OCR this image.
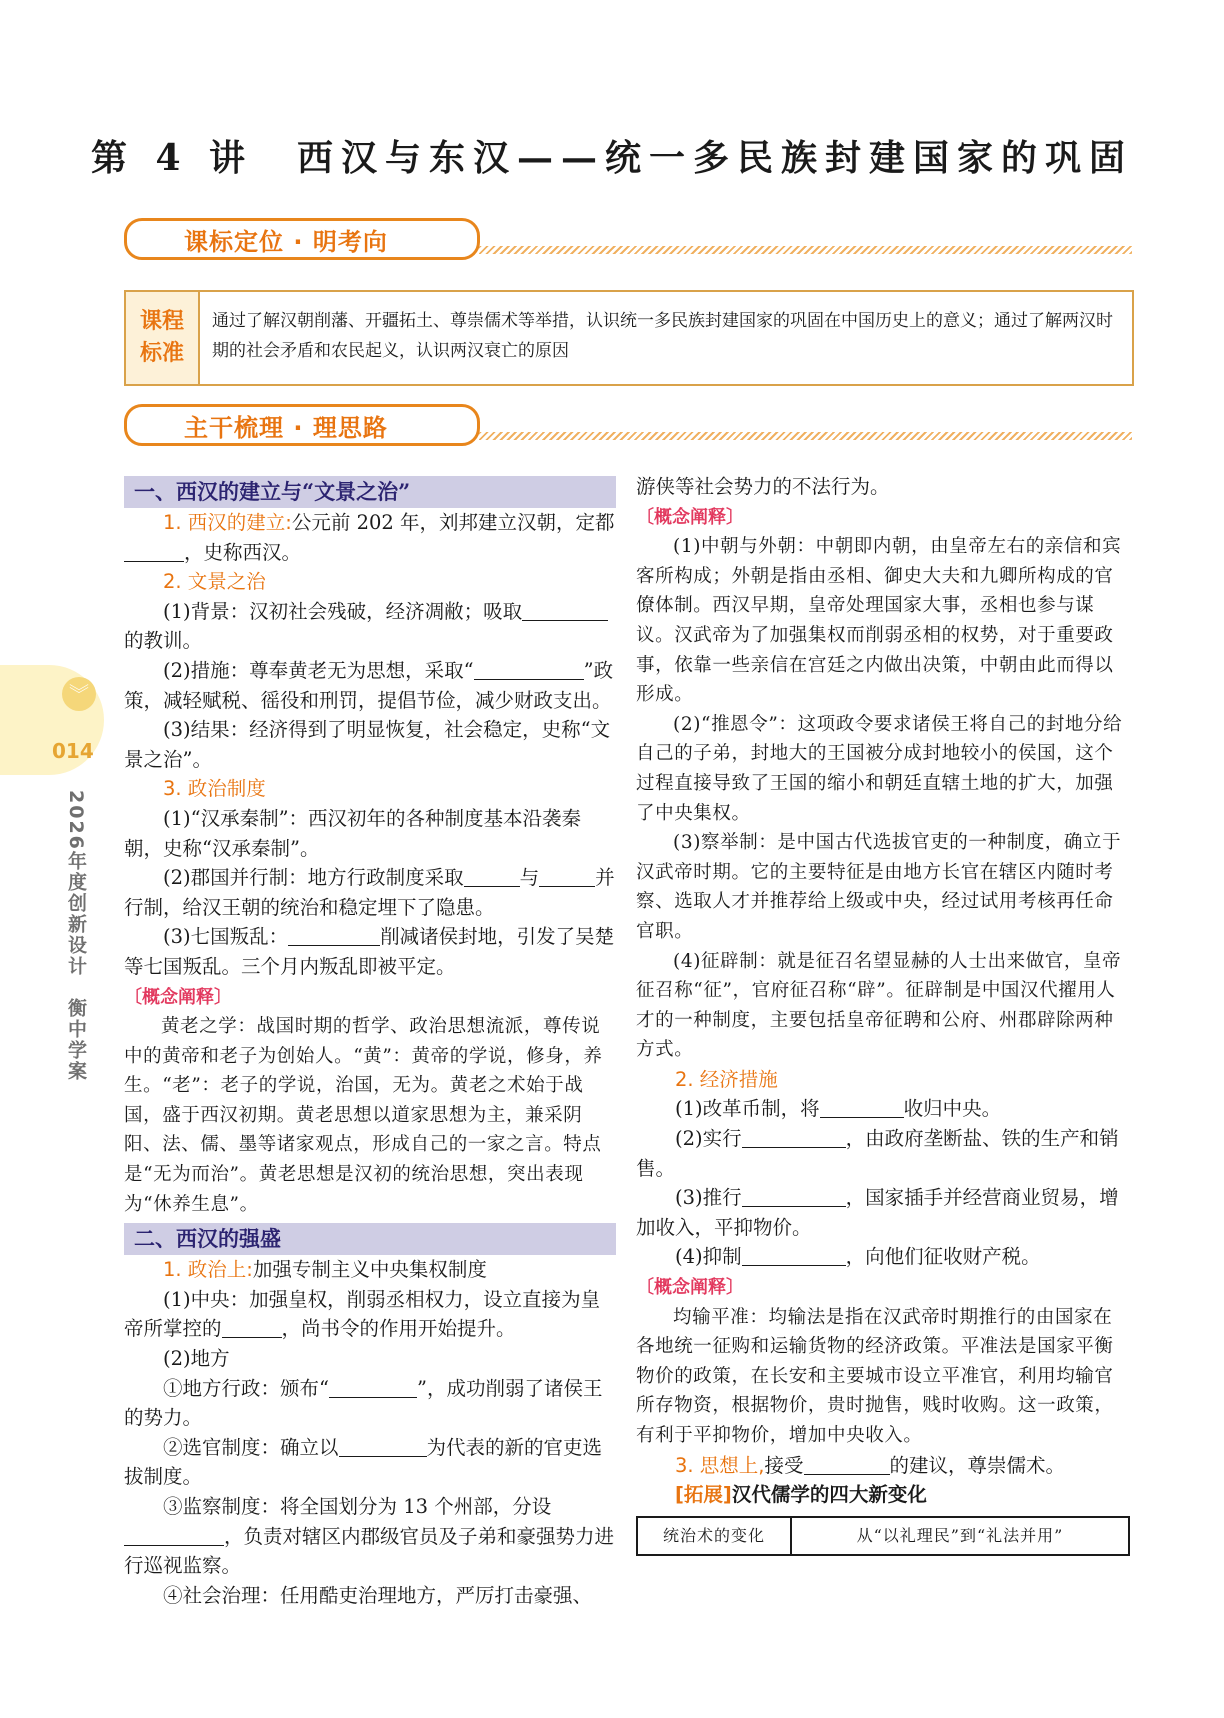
第 4 讲　西汉与东汉——统一多民族封建国家的巩固
课标定位 · 明考向
课程标准
通过了解汉朝削藩、开疆拓土、尊崇儒术等举措，认识统一多民族封建国家的巩固在中国历史上的意义；通过了解两汉时期的社会矛盾和农民起义，认识两汉衰亡的原因
主干梳理 · 理思路
︾
014
2026年度创新设计　衡中学案
一、西汉的建立与“文景之治”

1. 西汉的建立:公元前 202 年，刘邦建立汉朝，定都，史称西汉。

2. 文景之治

(1)背景：汉初社会残破，经济凋敝；吸取的教训。

(2)措施：尊奉黄老无为思想，采取“	”政策，减轻赋税、徭役和刑罚，提倡节俭，减少财政支出。

(3)结果：经济得到了明显恢复，社会稳定，史称“文景之治”。

3. 政治制度

(1)“汉承秦制”：西汉初年的各种制度基本沿袭秦朝，史称“汉承秦制”。

(2)郡国并行制：地方行政制度采取	与	并行制，给汉王朝的统治和稳定埋下了隐患。

(3)七国叛乱：	削减诸侯封地，引发了吴楚等七国叛乱。三个月内叛乱即被平定。

〔概念阐释〕

黄老之学：战国时期的哲学、政治思想流派，尊传说中的黄帝和老子为创始人。“黄”：黄帝的学说，修身，养生。“老”：老子的学说，治国，无为。黄老之术始于战国，盛于西汉初期。黄老思想以道家思想为主，兼采阴阳、法、儒、墨等诸家观点，形成自己的一家之言。特点是“无为而治”。黄老思想是汉初的统治思想，突出表现为“休养生息”。

二、西汉的强盛

1. 政治上:加强专制主义中央集权制度

(1)中央：加强皇权，削弱丞相权力，设立直接为皇帝所掌控的	，尚书令的作用开始提升。

(2)地方

①地方行政：颁布“	”，成功削弱了诸侯王的势力。

②选官制度：确立以	为代表的新的官吏选拔制度。

③监察制度：将全国划分为 13 个州部，分设，负责对辖区内郡级官员及子弟和豪强势力进行巡视监察。

④社会治理：任用酷吏治理地方，严厉打击豪强、

游侠等社会势力的不法行为。

〔概念阐释〕

(1)中朝与外朝：中朝即内朝，由皇帝左右的亲信和宾客所构成；外朝是指由丞相、御史大夫和九卿所构成的官僚体制。西汉早期，皇帝处理国家大事，丞相也参与谋议。汉武帝为了加强集权而削弱丞相的权势，对于重要政事，依靠一些亲信在宫廷之内做出决策，中朝由此而得以形成。

(2)“推恩令”：这项政令要求诸侯王将自己的封地分给自己的子弟，封地大的王国被分成封地较小的侯国，这个过程直接导致了王国的缩小和朝廷直辖土地的扩大，加强了中央集权。

(3)察举制：是中国古代选拔官吏的一种制度，确立于汉武帝时期。它的主要特征是由地方长官在辖区内随时考察、选取人才并推荐给上级或中央，经过试用考核再任命官职。

(4)征辟制：就是征召名望显赫的人士出来做官，皇帝征召称“征”，官府征召称“辟”。征辟制是中国汉代擢用人才的一种制度，主要包括皇帝征聘和公府、州郡辟除两种方式。

2. 经济措施

(1)改革币制，将	收归中央。

(2)实行	，由政府垄断盐、铁的生产和销售。

(3)推行	，国家插手并经营商业贸易，增加收入，平抑物价。

(4)抑制	，向他们征收财产税。

〔概念阐释〕

均输平准：均输法是指在汉武帝时期推行的由国家在各地统一征购和运输货物的经济政策。平准法是国家平衡物价的政策，在长安和主要城市设立平准官，利用均输官所存物资，根据物价，贵时抛售，贱时收购。这一政策，有利于平抑物价，增加中央收入。

3. 思想上,接受	的建议，尊崇儒术。

[拓展]汉代儒学的四大新变化

统治术的变化	从“以礼理民”到“礼法并用”
